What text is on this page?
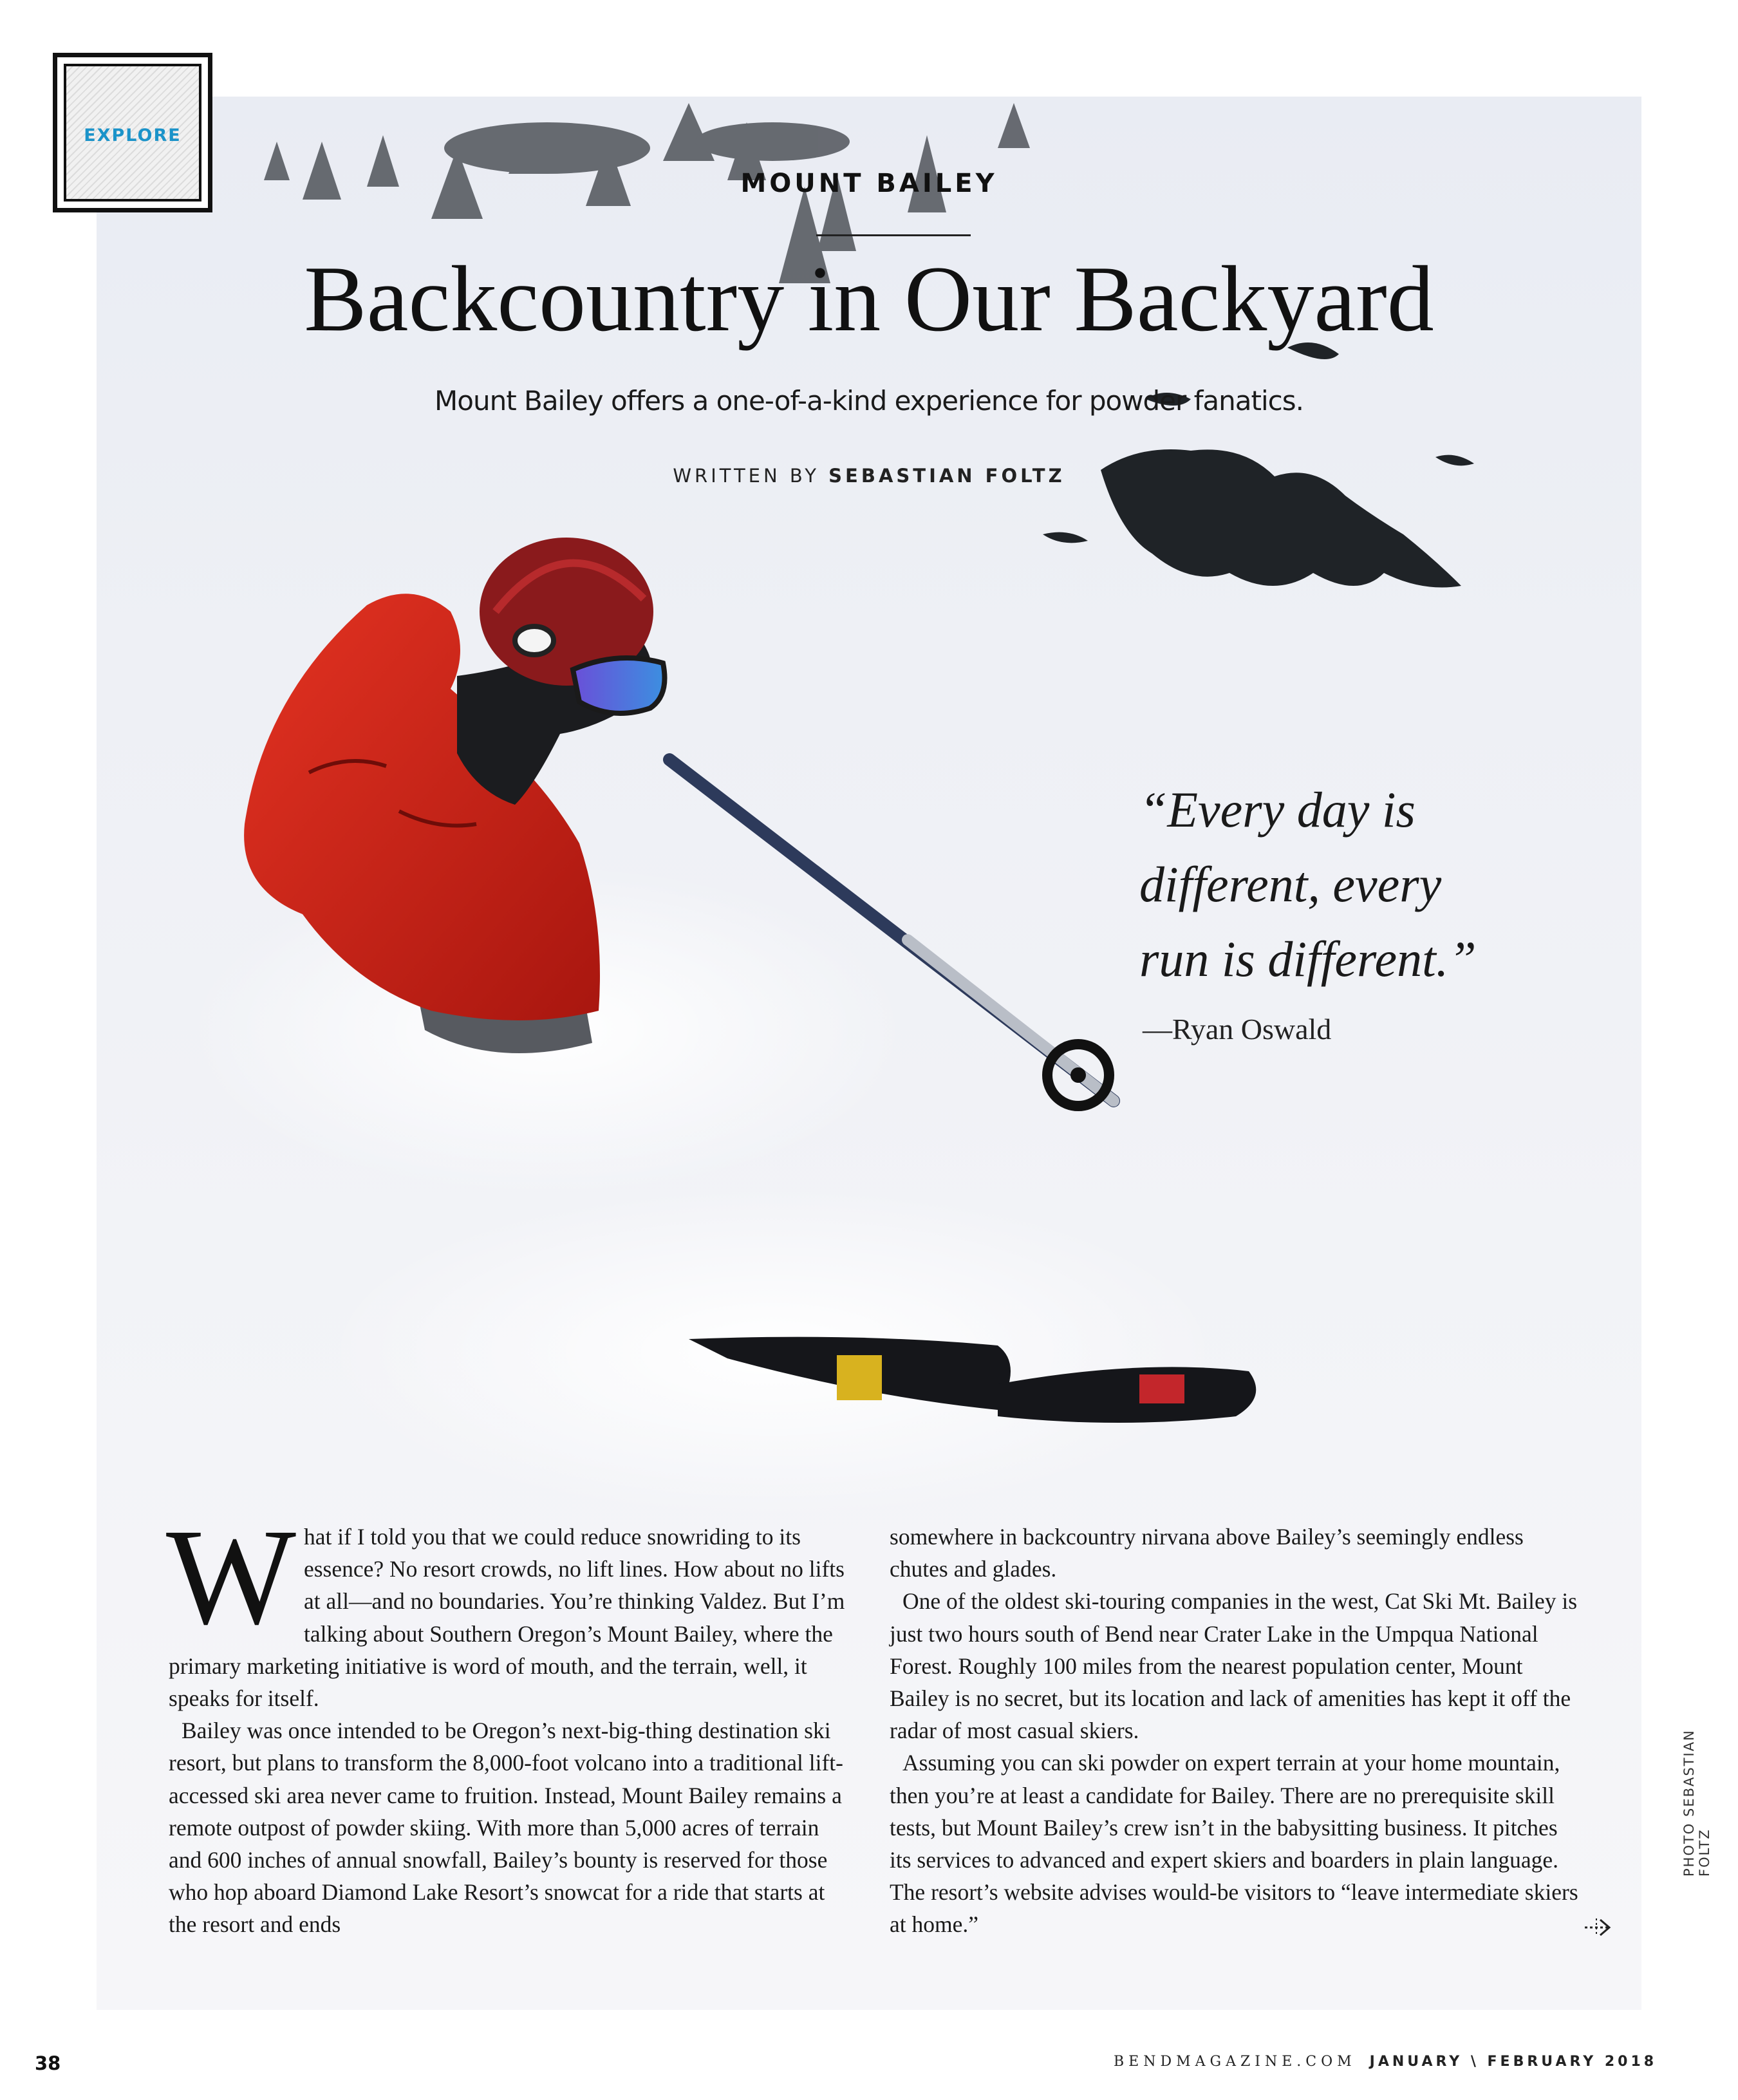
EXPLORE
MOUNT BAILEY
Backcountry in Our Backyard
Mount Bailey offers a one-of-a-kind experience for powder fanatics.
WRITTEN BY SEBASTIAN FOLTZ
“Every day is different, every run is different.”
—Ryan Oswald

What if I told you that we could reduce snowriding to its essence? No resort crowds, no lift lines. How about no lifts at all—and no boundaries. You’re thinking Valdez. But I’m talking about Southern Oregon’s Mount Bailey, where the primary marketing initiative is word of mouth, and the terrain, well, it speaks for itself.

Bailey was once intended to be Oregon’s next-big-thing destination ski resort, but plans to transform the 8,000-foot volcano into a traditional lift-accessed ski area never came to fruition. Instead, Mount Bailey remains a remote outpost of powder skiing. With more than 5,000 acres of terrain and 600 inches of annual snowfall, Bailey’s bounty is reserved for those who hop aboard Diamond Lake Resort’s snowcat for a ride that starts at the resort and ends

somewhere in backcountry nirvana above Bailey’s seemingly endless chutes and glades.

One of the oldest ski-touring companies in the west, Cat Ski Mt. Bailey is just two hours south of Bend near Crater Lake in the Umpqua National Forest. Roughly 100 miles from the nearest population center, Mount Bailey is no secret, but its location and lack of amenities has kept it off the radar of most casual skiers.

Assuming you can ski powder on expert terrain at your home mountain, then you’re at least a candidate for Bailey. There are no prerequisite skill tests, but Mount Bailey’s crew isn’t in the babysitting business. It pitches its services to advanced and expert skiers and boarders in plain language. The resort’s website advises would-be visitors to “leave intermediate skiers at home.”

PHOTO SEBASTIAN FOLTZ
38	BENDMAGAZINE.COM JANUARY \ FEBRUARY 2018
